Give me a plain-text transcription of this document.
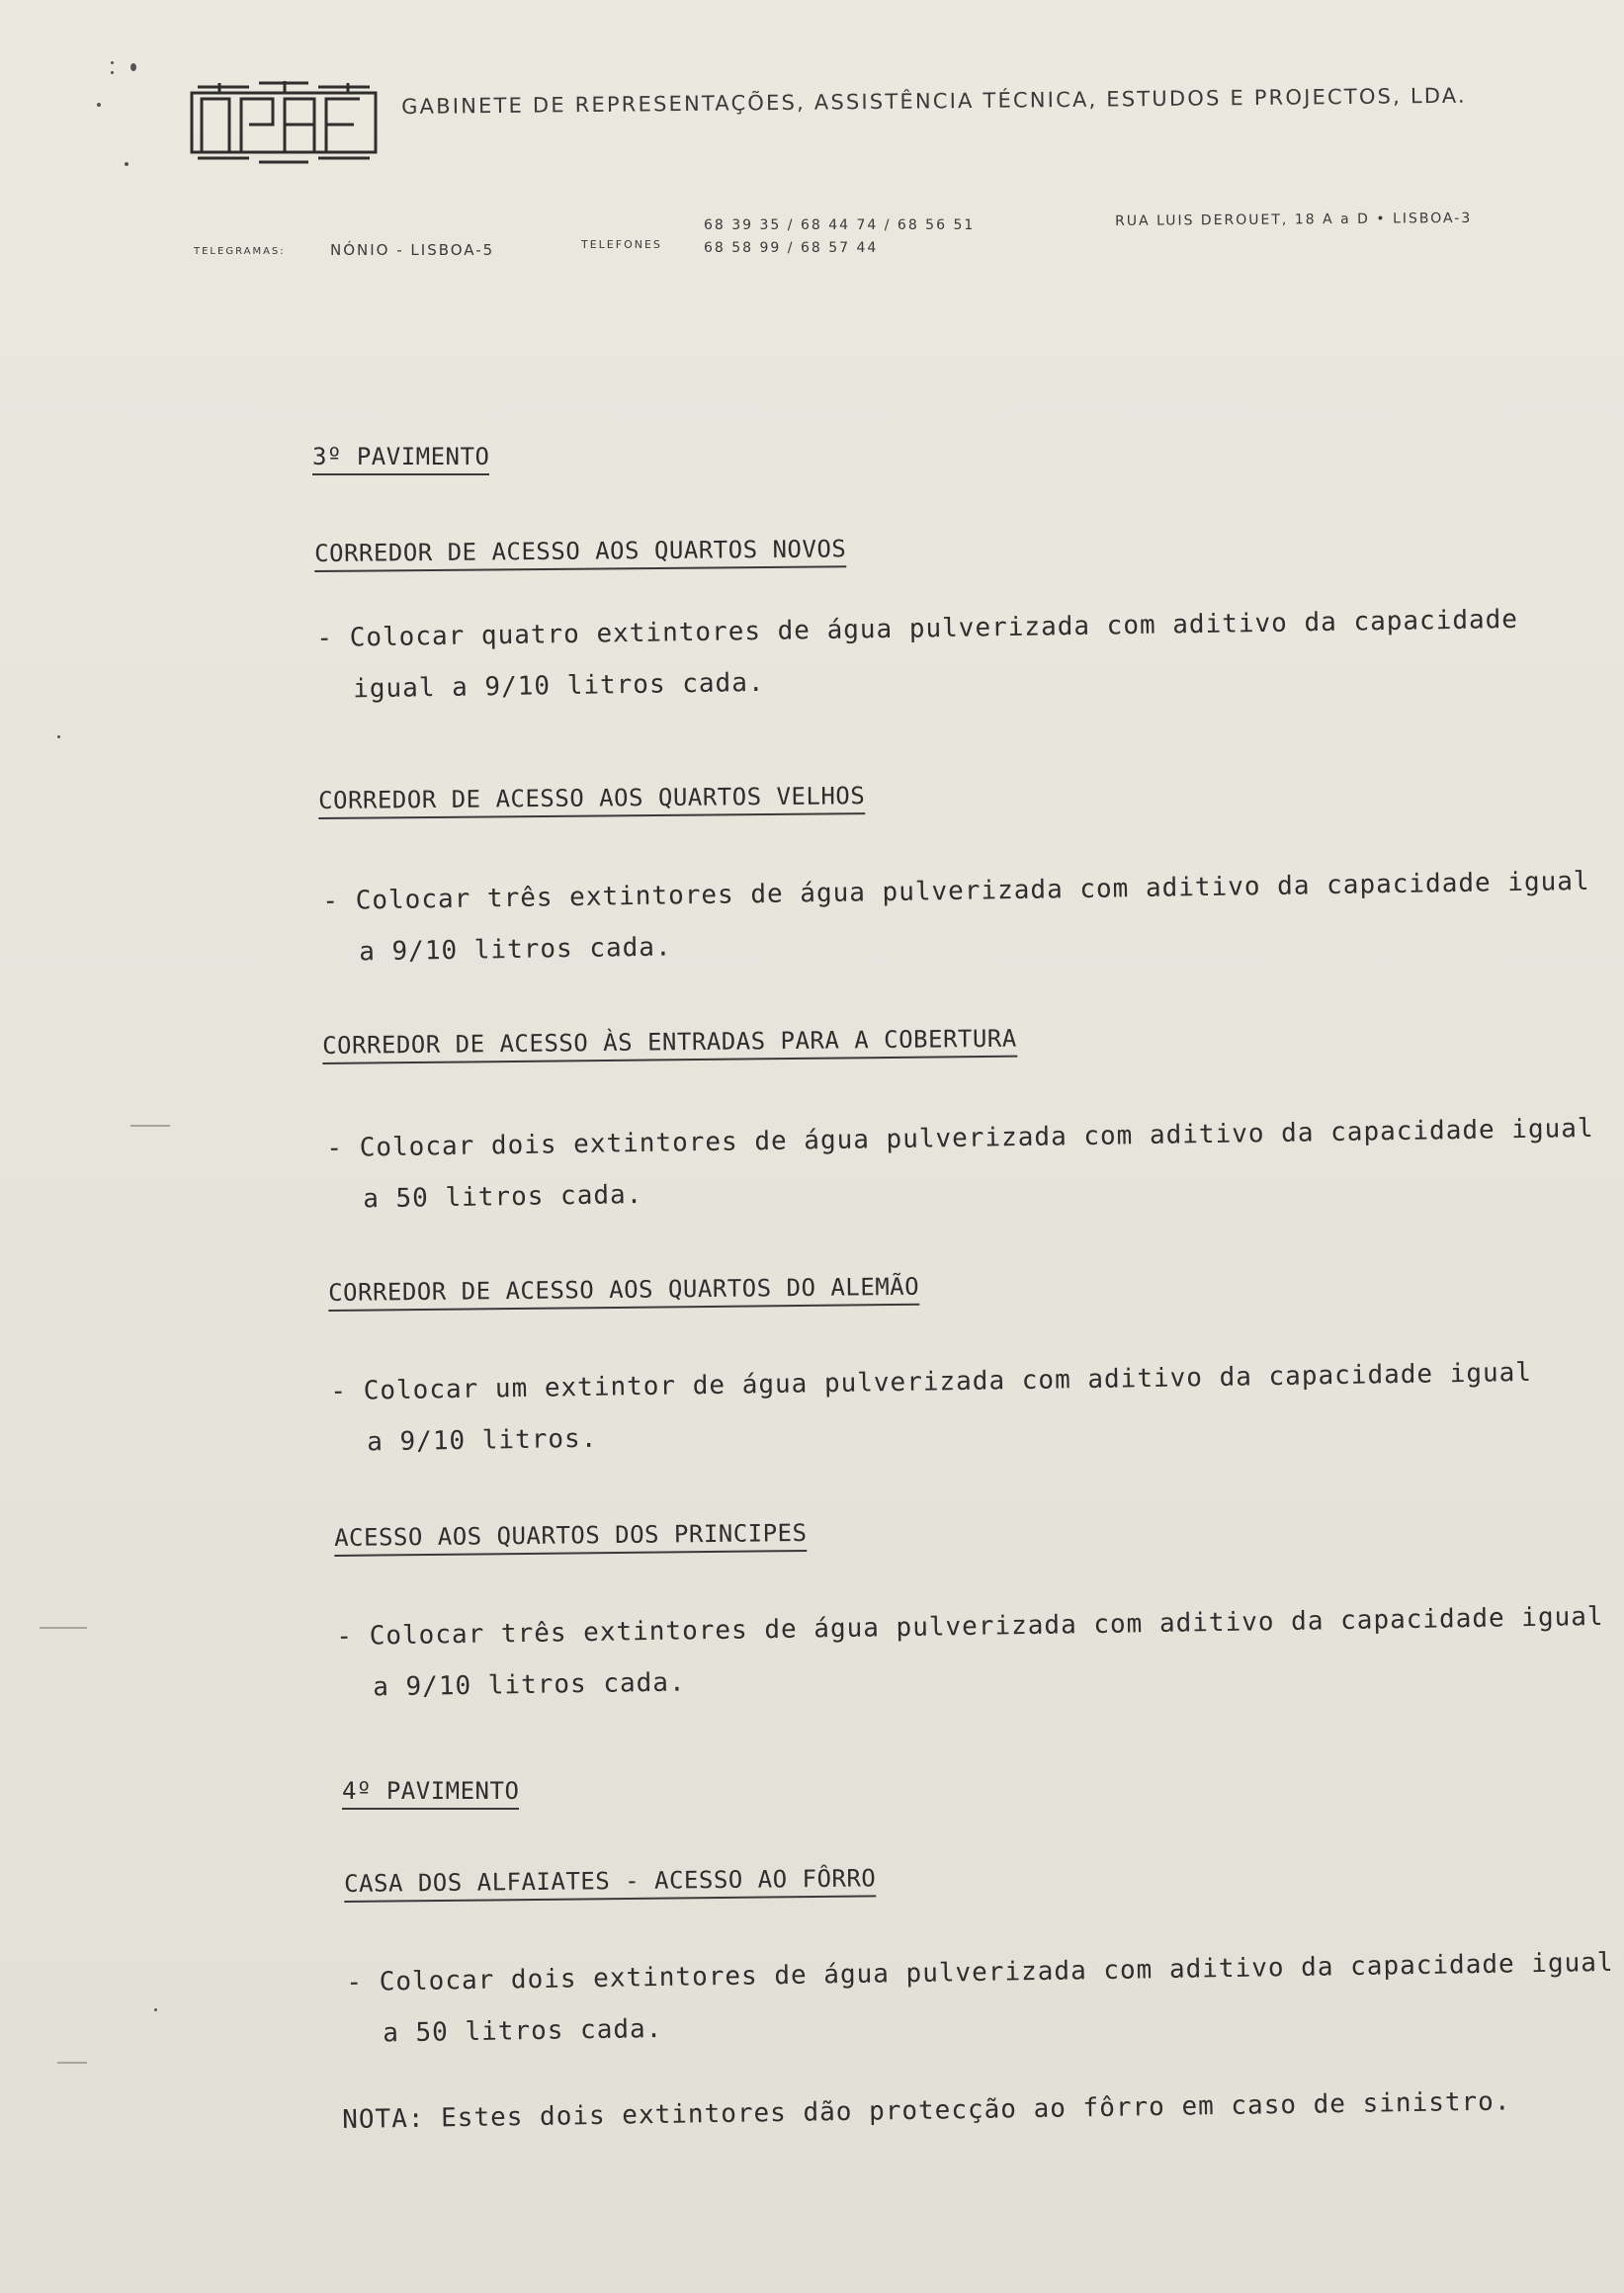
GABINETE DE REPRESENTAÇÕES, ASSISTÊNCIA TÉCNICA, ESTUDOS E PROJECTOS, LDA.
TELEGRAMAS:	NÓNIO - LISBOA-5	TELEFONES
68 39 35 / 68 44 74 / 68 56 51
68 58 99 / 68 57 44
RUA LUIS DEROUET, 18 A a D • LISBOA-3
3º PAVIMENTO
CORREDOR DE ACESSO AOS QUARTOS NOVOS
- Colocar quatro extintores de água pulverizada com aditivo da capacidade
igual a 9/10 litros cada.
CORREDOR DE ACESSO AOS QUARTOS VELHOS
- Colocar três extintores de água pulverizada com aditivo da capacidade igual
a 9/10 litros cada.
CORREDOR DE ACESSO ÀS ENTRADAS PARA A COBERTURA
- Colocar dois extintores de água pulverizada com aditivo da capacidade igual
a 50 litros cada.
CORREDOR DE ACESSO AOS QUARTOS DO ALEMÃO
- Colocar um extintor de água pulverizada com aditivo da capacidade igual
a 9/10 litros.
ACESSO AOS QUARTOS DOS PRINCIPES
- Colocar três extintores de água pulverizada com aditivo da capacidade igual
a 9/10 litros cada.
4º PAVIMENTO
CASA DOS ALFAIATES - ACESSO AO FÔRRO
- Colocar dois extintores de água pulverizada com aditivo da capacidade igual
a 50 litros cada.
NOTA: Estes dois extintores dão protecção ao fôrro em caso de sinistro.
